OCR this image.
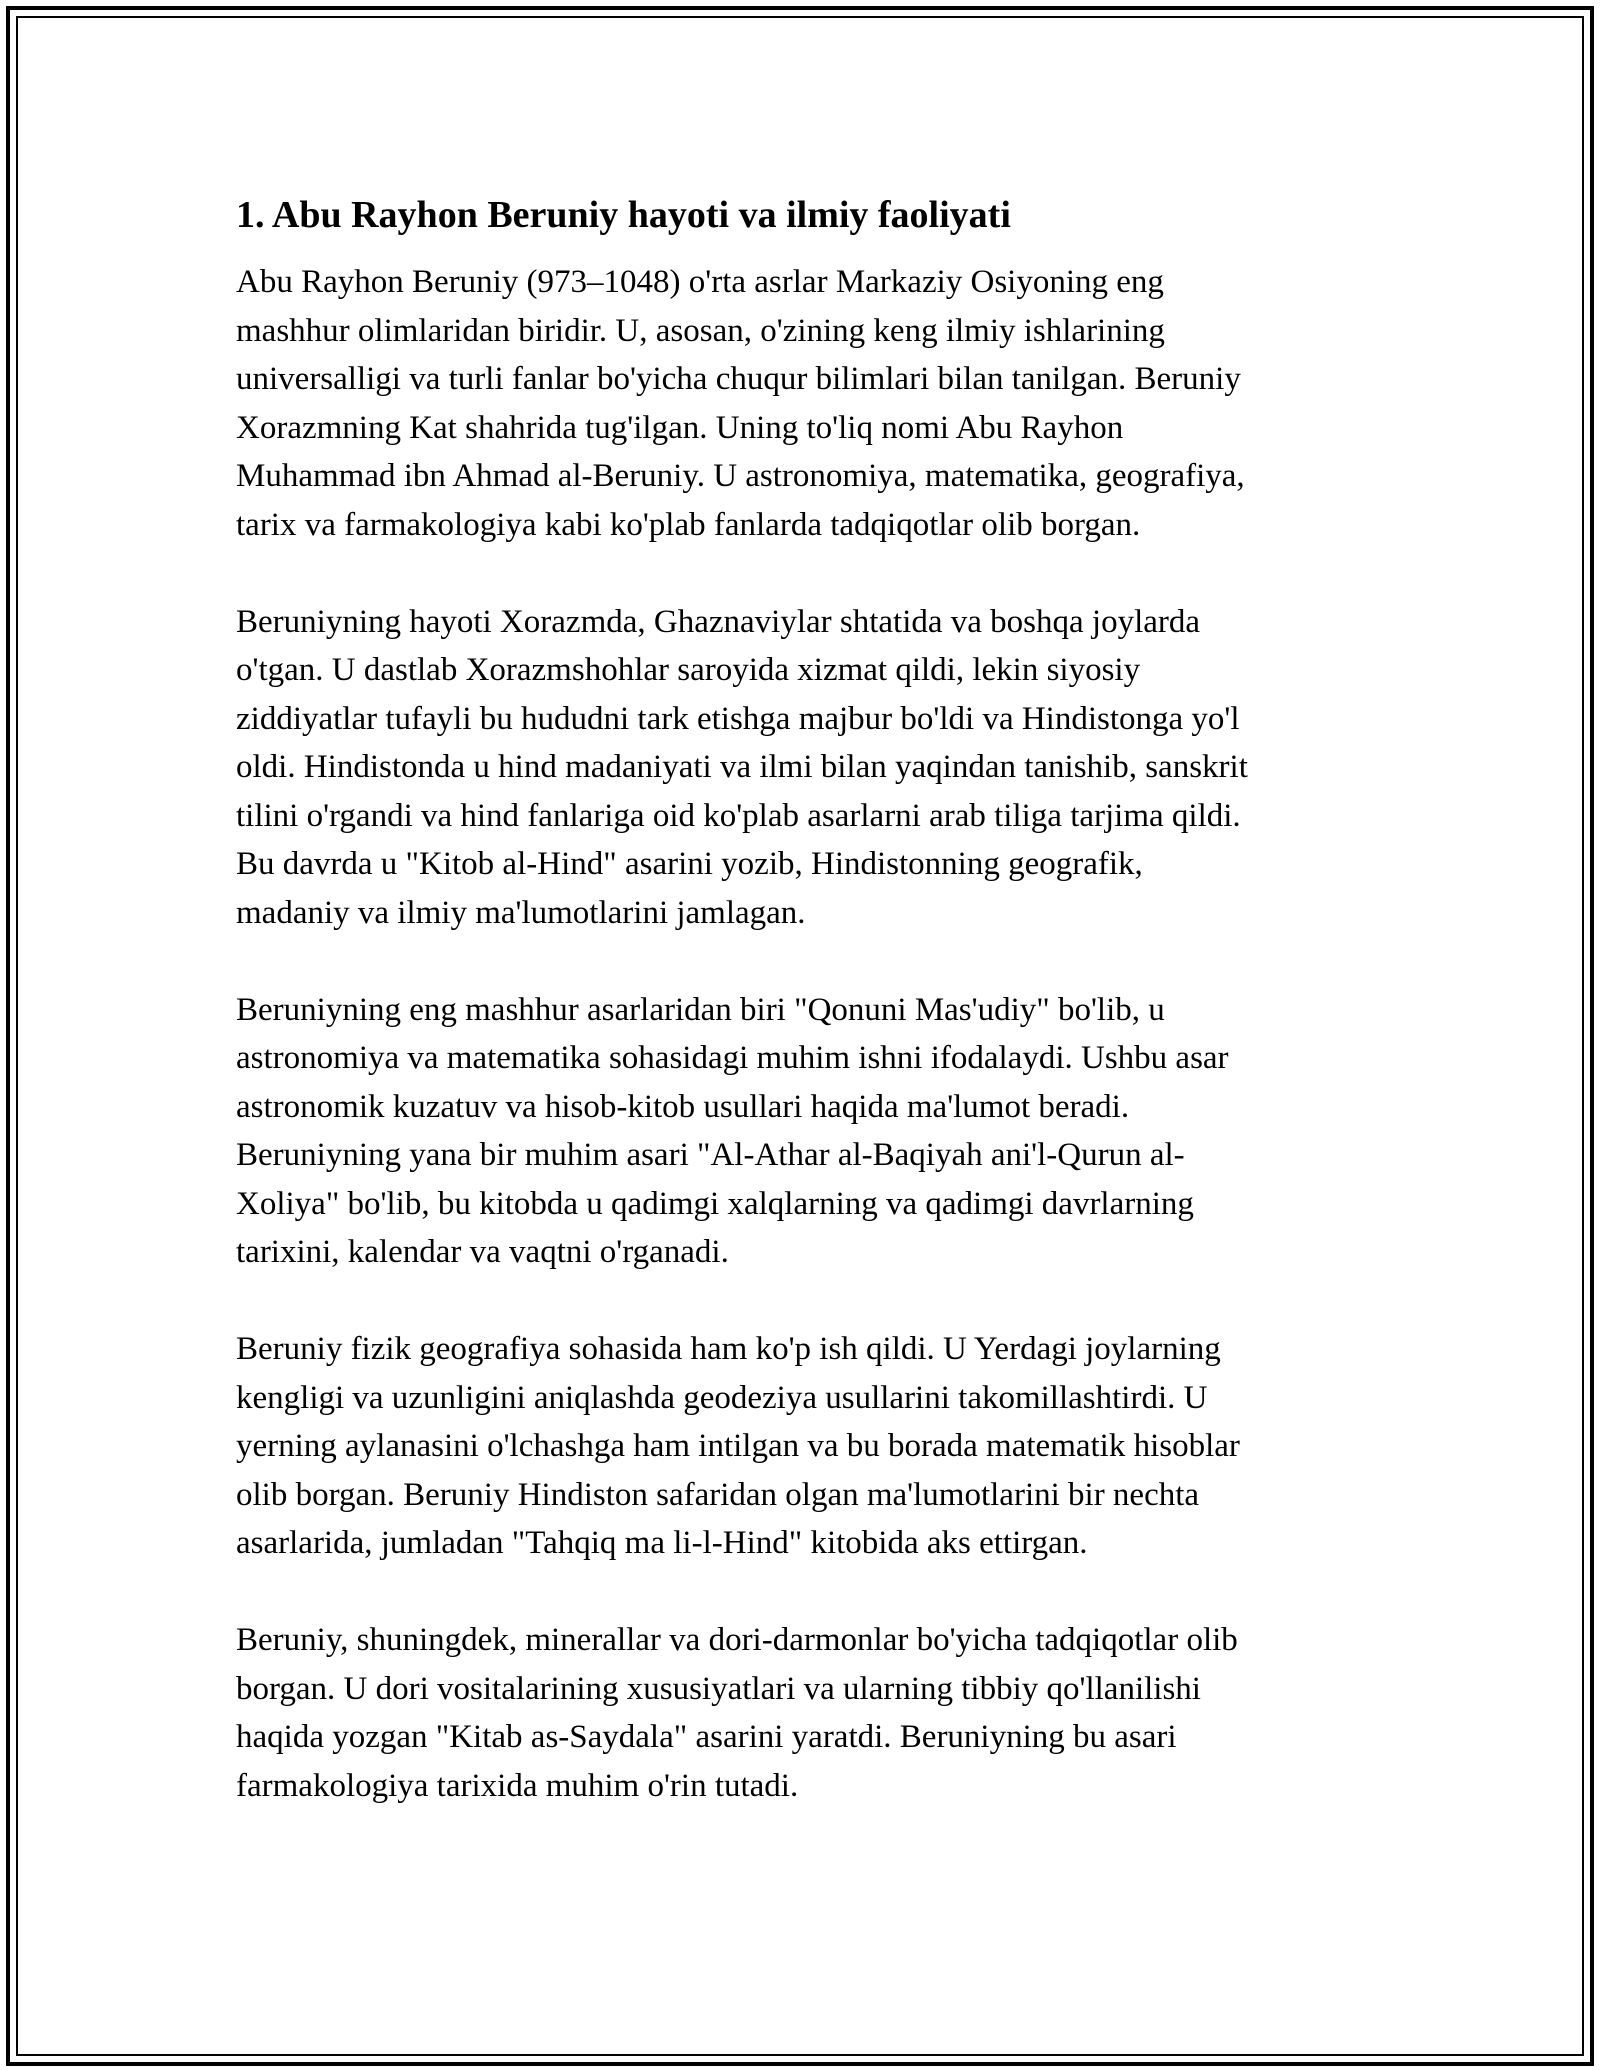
1. Abu Rayhon Beruniy hayoti va ilmiy faoliyati
Abu Rayhon Beruniy (973–1048) o'rta asrlar Markaziy Osiyoning eng
mashhur olimlaridan biridir. U, asosan, o'zining keng ilmiy ishlarining
universalligi va turli fanlar bo'yicha chuqur bilimlari bilan tanilgan. Beruniy
Xorazmning Kat shahrida tug'ilgan. Uning to'liq nomi Abu Rayhon
Muhammad ibn Ahmad al-Beruniy. U astronomiya, matematika, geografiya,
tarix va farmakologiya kabi ko'plab fanlarda tadqiqotlar olib borgan.
Beruniyning hayoti Xorazmda, Ghaznaviylar shtatida va boshqa joylarda
o'tgan. U dastlab Xorazmshohlar saroyida xizmat qildi, lekin siyosiy
ziddiyatlar tufayli bu hududni tark etishga majbur bo'ldi va Hindistonga yo'l
oldi. Hindistonda u hind madaniyati va ilmi bilan yaqindan tanishib, sanskrit
tilini o'rgandi va hind fanlariga oid ko'plab asarlarni arab tiliga tarjima qildi.
Bu davrda u "Kitob al-Hind" asarini yozib, Hindistonning geografik,
madaniy va ilmiy ma'lumotlarini jamlagan.
Beruniyning eng mashhur asarlaridan biri "Qonuni Mas'udiy" bo'lib, u
astronomiya va matematika sohasidagi muhim ishni ifodalaydi. Ushbu asar
astronomik kuzatuv va hisob-kitob usullari haqida ma'lumot beradi.
Beruniyning yana bir muhim asari "Al-Athar al-Baqiyah ani'l-Qurun al-
Xoliya" bo'lib, bu kitobda u qadimgi xalqlarning va qadimgi davrlarning
tarixini, kalendar va vaqtni o'rganadi.
Beruniy fizik geografiya sohasida ham ko'p ish qildi. U Yerdagi joylarning
kengligi va uzunligini aniqlashda geodeziya usullarini takomillashtirdi. U
yerning aylanasini o'lchashga ham intilgan va bu borada matematik hisoblar
olib borgan. Beruniy Hindiston safaridan olgan ma'lumotlarini bir nechta
asarlarida, jumladan "Tahqiq ma li-l-Hind" kitobida aks ettirgan.
Beruniy, shuningdek, minerallar va dori-darmonlar bo'yicha tadqiqotlar olib
borgan. U dori vositalarining xususiyatlari va ularning tibbiy qo'llanilishi
haqida yozgan "Kitab as-Saydala" asarini yaratdi. Beruniyning bu asari
farmakologiya tarixida muhim o'rin tutadi.
